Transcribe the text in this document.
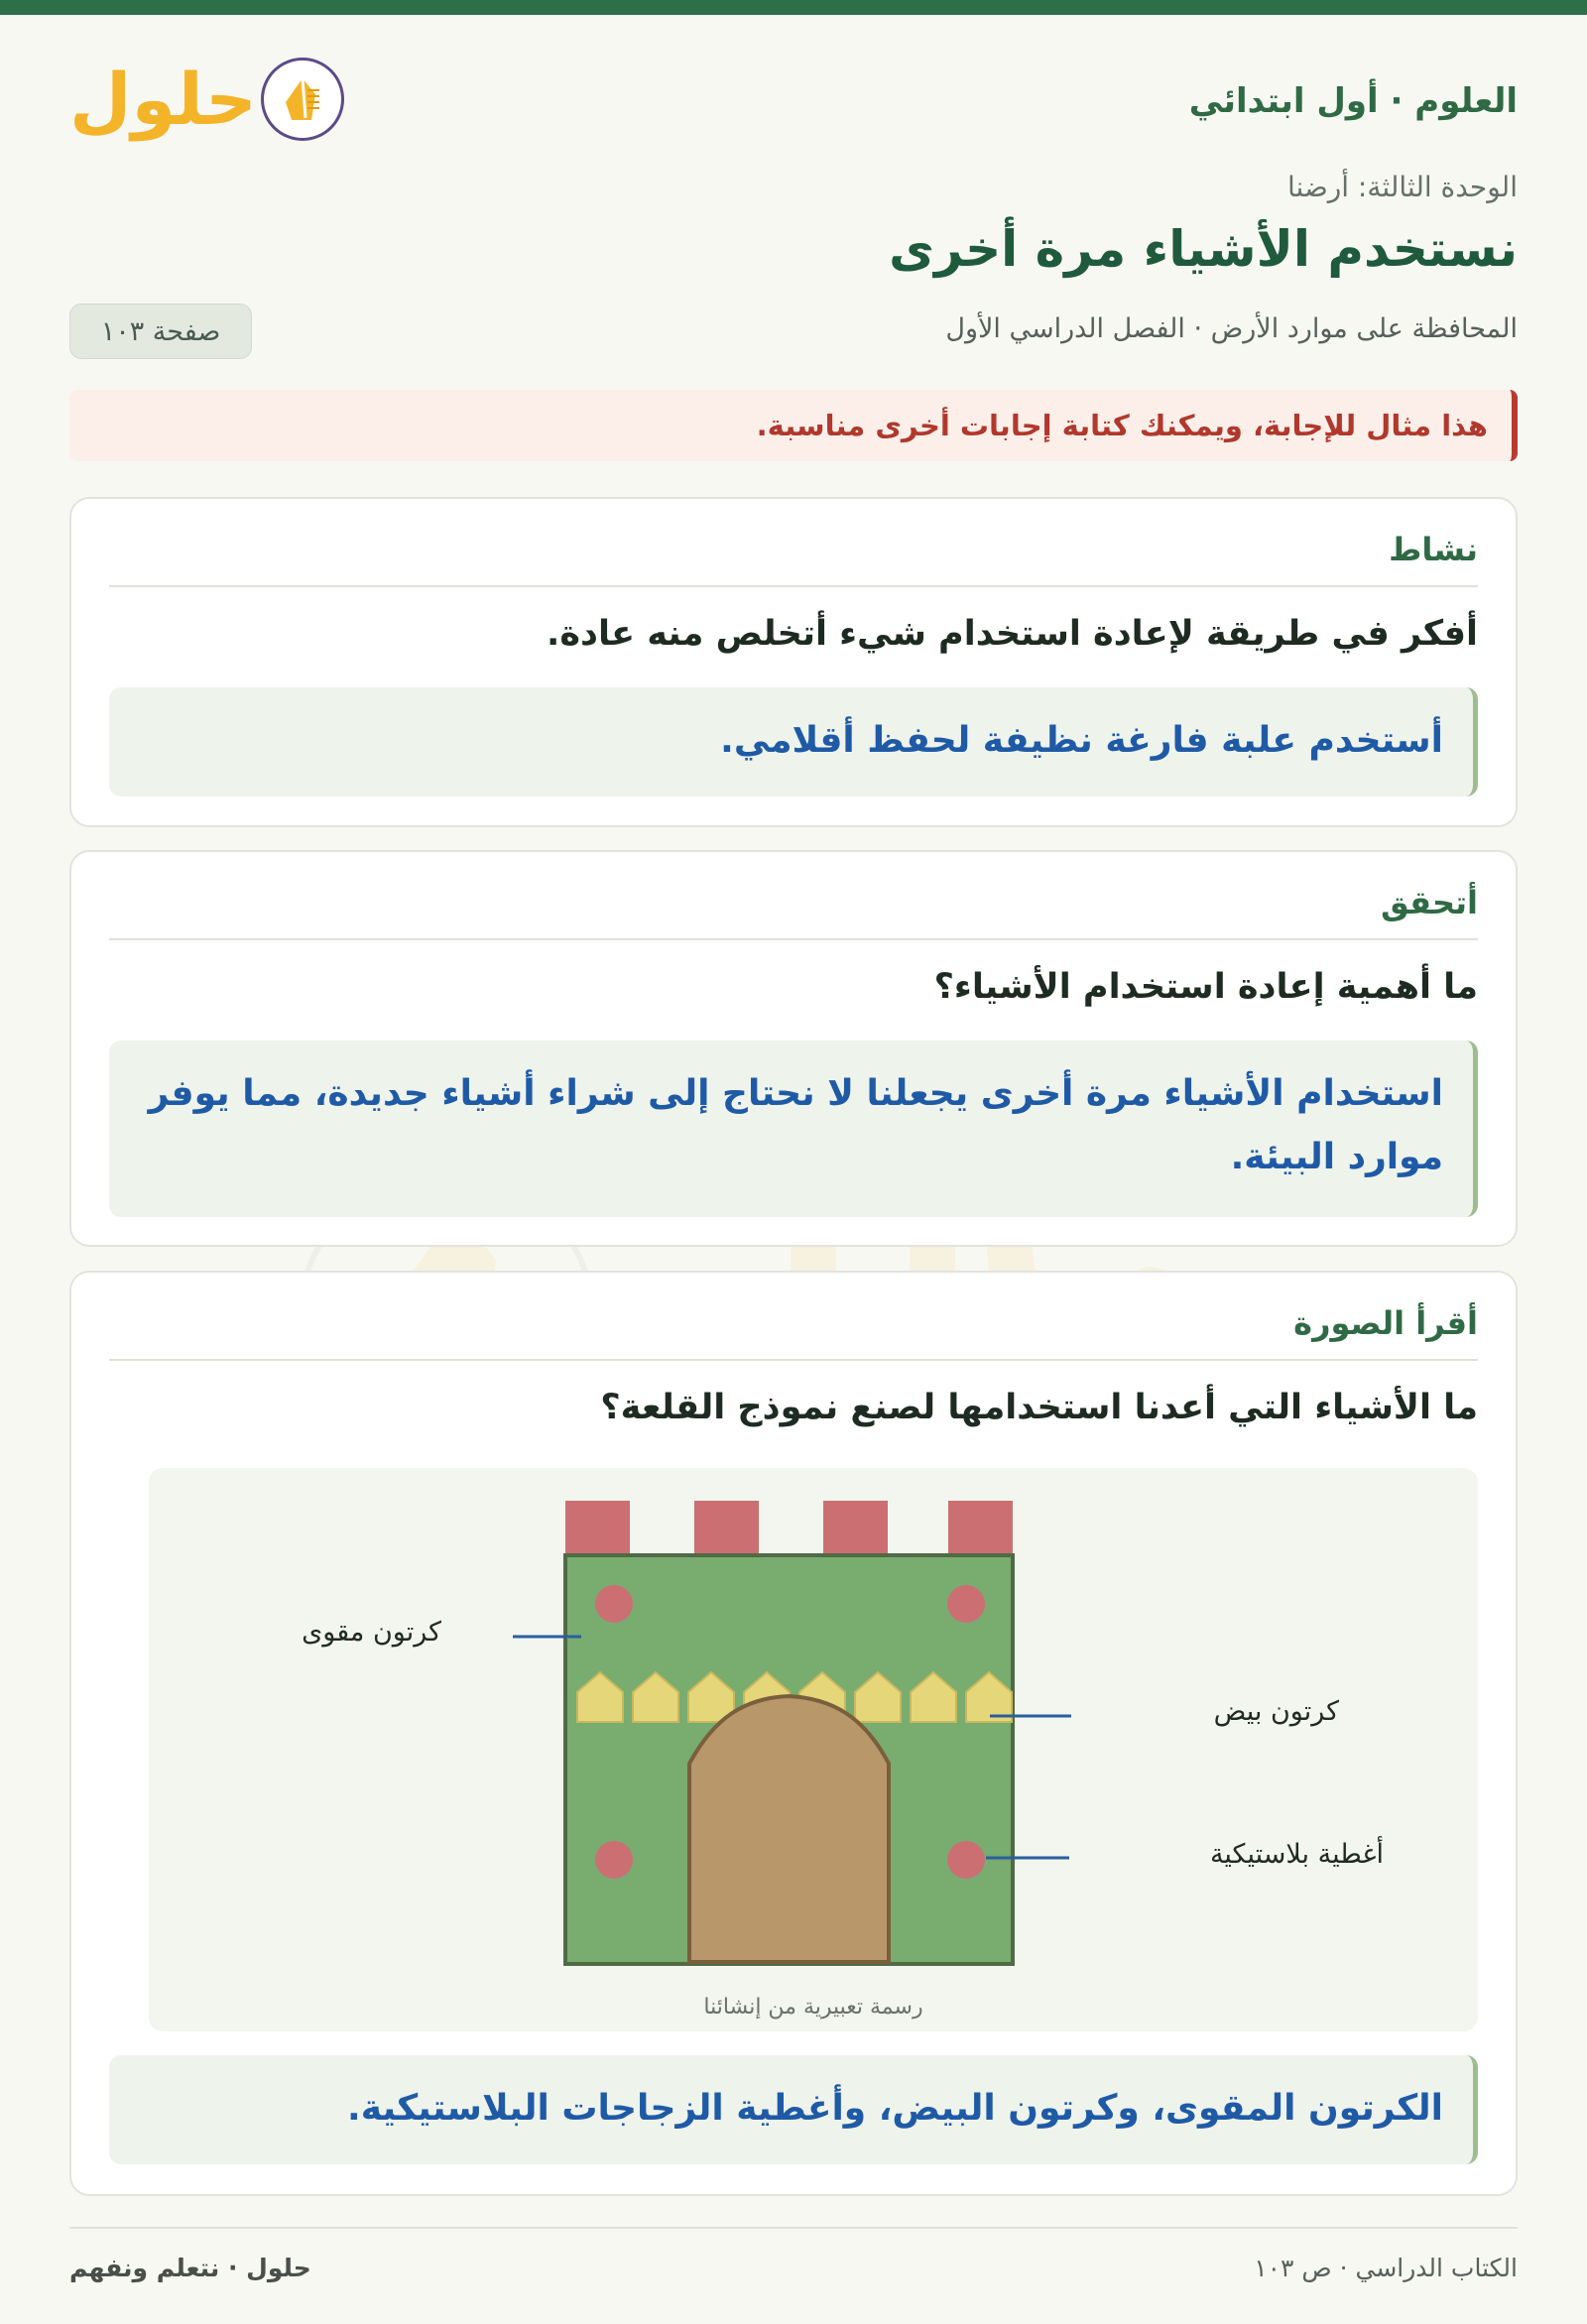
العلوم · أول ابتدائي
حلول
الوحدة الثالثة: أرضنا
نستخدم الأشياء مرة أخرى
المحافظة على موارد الأرض · الفصل الدراسي الأول
صفحة ١٠٣
هذا مثال للإجابة، ويمكنك كتابة إجابات أخرى مناسبة.
نشاط
أفكر في طريقة لإعادة استخدام شيء أتخلص منه عادة.
أستخدم علبة فارغة نظيفة لحفظ أقلامي.
أتحقق
ما أهمية إعادة استخدام الأشياء؟
استخدام الأشياء مرة أخرى يجعلنا لا نحتاج إلى شراء أشياء جديدة، مما يوفر موارد البيئة.
أقرأ الصورة
ما الأشياء التي أعدنا استخدامها لصنع نموذج القلعة؟
كرتون مقوى
كرتون بيض
أغطية بلاستيكية
رسمة تعبيرية من إنشائنا
الكرتون المقوى، وكرتون البيض، وأغطية الزجاجات البلاستيكية.
الكتاب الدراسي · ص ١٠٣
حلول · نتعلم ونفهم
